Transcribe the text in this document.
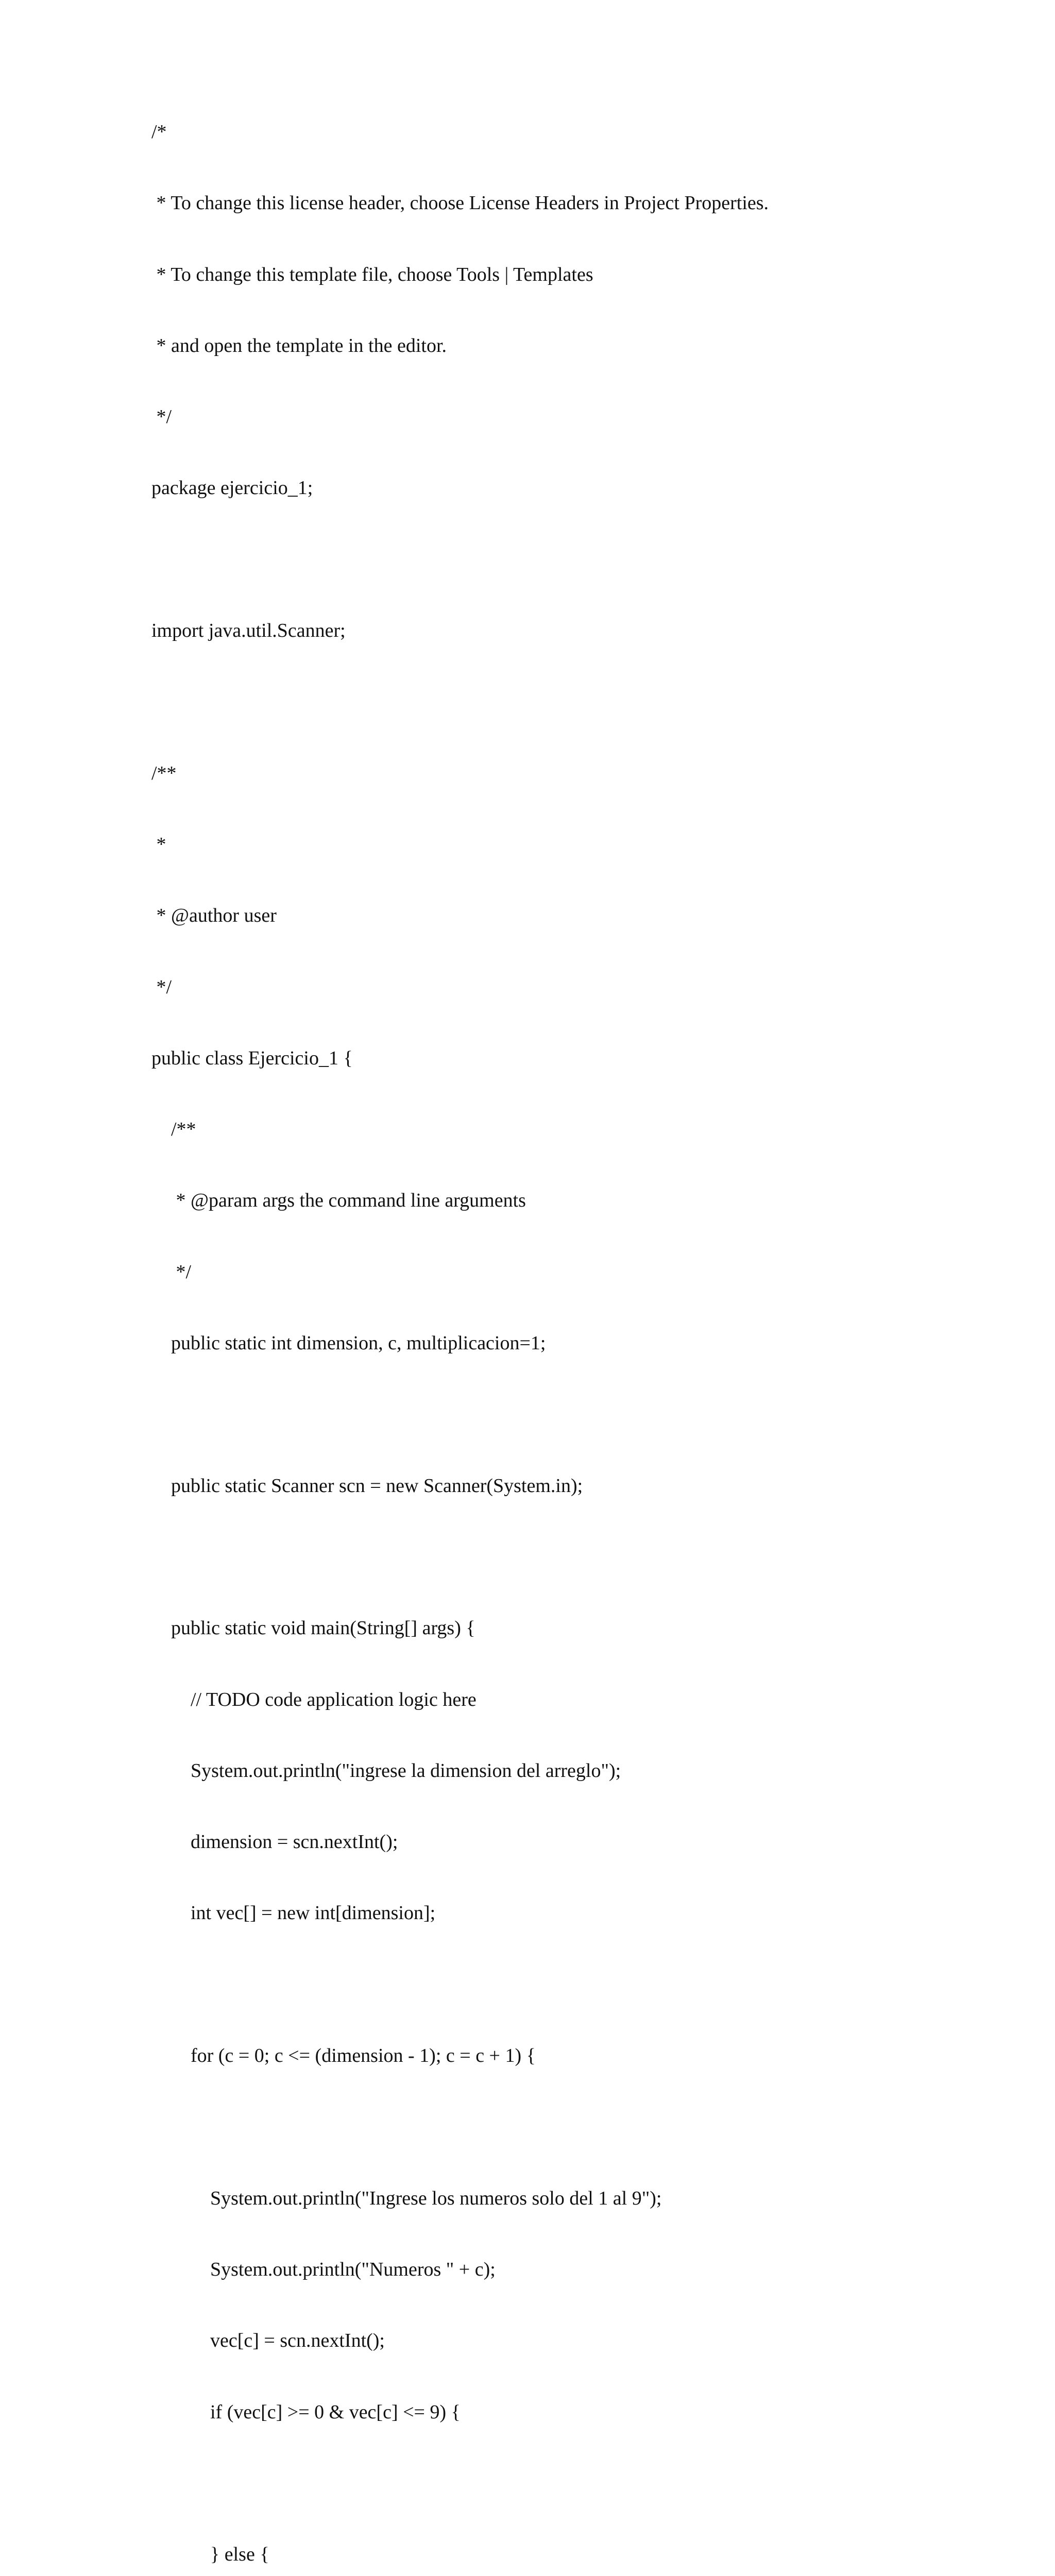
/*

* To change this license header, choose License Headers in Project Properties.

* To change this template file, choose Tools | Templates

* and open the template in the editor.

*/

package ejercicio_1;

import java.util.Scanner;

/**

*

* @author user

*/

public class Ejercicio_1 {

/**

* @param args the command line arguments

*/

public static int dimension, c, multiplicacion=1;

public static Scanner scn = new Scanner(System.in);

public static void main(String[] args) {

// TODO code application logic here

System.out.println("ingrese la dimension del arreglo");

dimension = scn.nextInt();

int vec[] = new int[dimension];

for (c = 0; c <= (dimension - 1); c = c + 1) {

System.out.println("Ingrese los numeros solo del 1 al 9");

System.out.println("Numeros " + c);

vec[c] = scn.nextInt();

if (vec[c] >= 0 & vec[c] <= 9) {

} else {
